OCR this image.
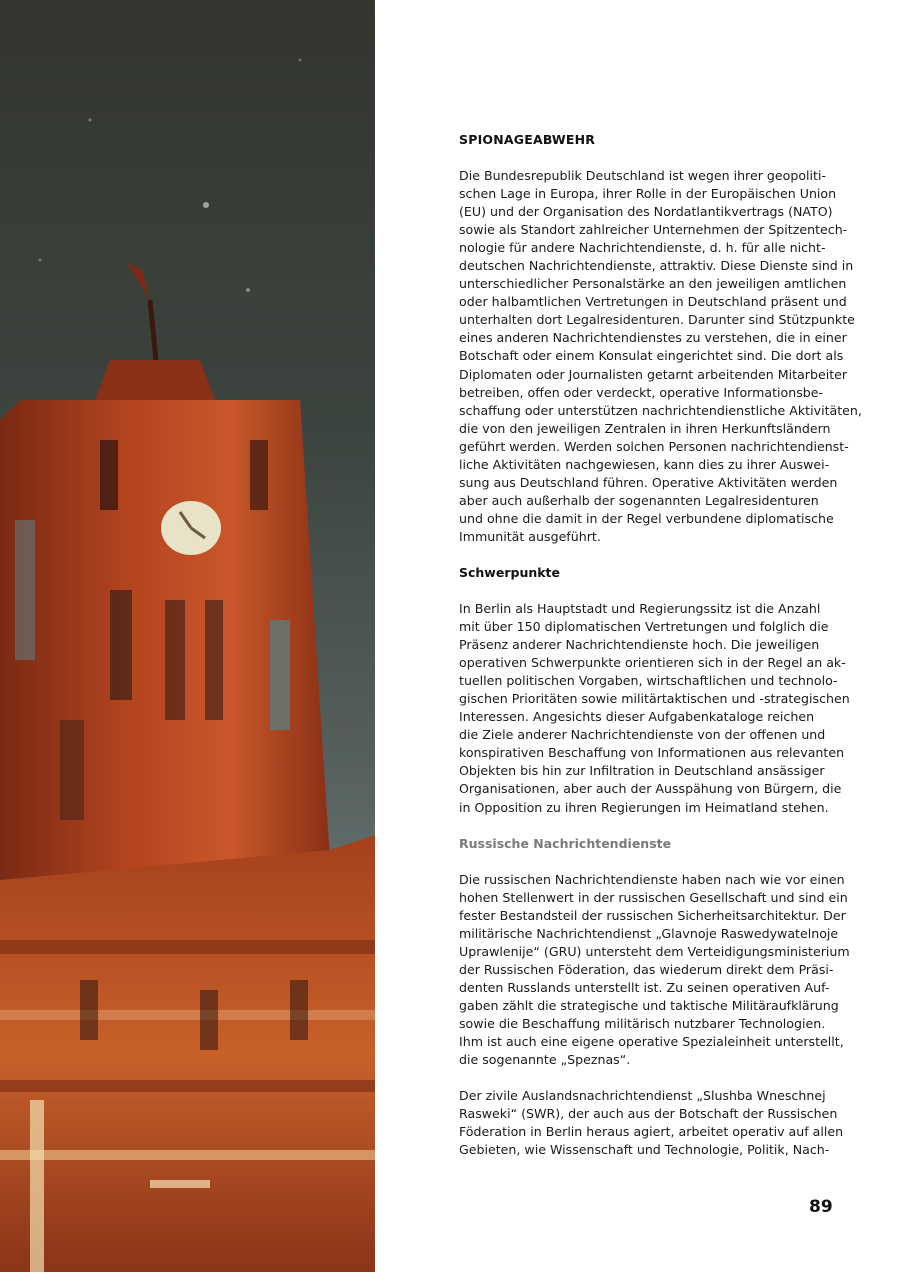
SPIONAGEABWEHR

Die Bundesrepublik Deutschland ist wegen ihrer geopoliti-
schen Lage in Europa, ihrer Rolle in der Europäischen Union
(EU) und der Organisation des Nordatlantikvertrags (NATO)
sowie als Standort zahlreicher Unternehmen der Spitzentech-
nologie für andere Nachrichtendienste, d. h. für alle nicht-
deutschen Nachrichtendienste, attraktiv. Diese Dienste sind in
unterschiedlicher Personalstärke an den jeweiligen amtlichen
oder halbamtlichen Vertretungen in Deutschland präsent und
unterhalten dort Legalresidenturen. Darunter sind Stützpunkte
eines anderen Nachrichtendienstes zu verstehen, die in einer
Botschaft oder einem Konsulat eingerichtet sind. Die dort als
Diplomaten oder Journalisten getarnt arbeitenden Mitarbeiter
betreiben, offen oder verdeckt, operative Informationsbe-
schaffung oder unterstützen nachrichtendienstliche Aktivitäten,
die von den jeweiligen Zentralen in ihren Herkunftsländern
geführt werden. Werden solchen Personen nachrichtendienst-
liche Aktivitäten nachgewiesen, kann dies zu ihrer Auswei-
sung aus Deutschland führen. Operative Aktivitäten werden
aber auch außerhalb der sogenannten Legalresidenturen
und ohne die damit in der Regel verbundene diplomatische
Immunität ausgeführt.

Schwerpunkte

In Berlin als Hauptstadt und Regierungssitz ist die Anzahl
mit über 150 diplomatischen Vertretungen und folglich die
Präsenz anderer Nachrichtendienste hoch. Die jeweiligen
operativen Schwerpunkte orientieren sich in der Regel an ak-
tuellen politischen Vorgaben, wirtschaftlichen und technolo-
gischen Prioritäten sowie militärtaktischen und -strategischen
Interessen. Angesichts dieser Aufgabenkataloge reichen
die Ziele anderer Nachrichtendienste von der offenen und
konspirativen Beschaffung von Informationen aus relevanten
Objekten bis hin zur Infiltration in Deutschland ansässiger
Organisationen, aber auch der Ausspähung von Bürgern, die
in Opposition zu ihren Regierungen im Heimatland stehen.

Russische Nachrichtendienste

Die russischen Nachrichtendienste haben nach wie vor einen
hohen Stellenwert in der russischen Gesellschaft und sind ein
fester Bestandsteil der russischen Sicherheitsarchitektur. Der
militärische Nachrichtendienst „Glavnoje Raswedywatelnoje
Uprawlenije“ (GRU) untersteht dem Verteidigungsministerium
der Russischen Föderation, das wiederum direkt dem Präsi-
denten Russlands unterstellt ist. Zu seinen operativen Auf-
gaben zählt die strategische und taktische Militäraufklärung
sowie die Beschaffung militärisch nutzbarer Technologien.
Ihm ist auch eine eigene operative Spezialeinheit unterstellt,
die sogenannte „Speznas“.

Der zivile Auslandsnachrichtendienst „Slushba Wneschnej
Rasweki“ (SWR), der auch aus der Botschaft der Russischen
Föderation in Berlin heraus agiert, arbeitet operativ auf allen
Gebieten, wie Wissenschaft und Technologie, Politik, Nach-

89
